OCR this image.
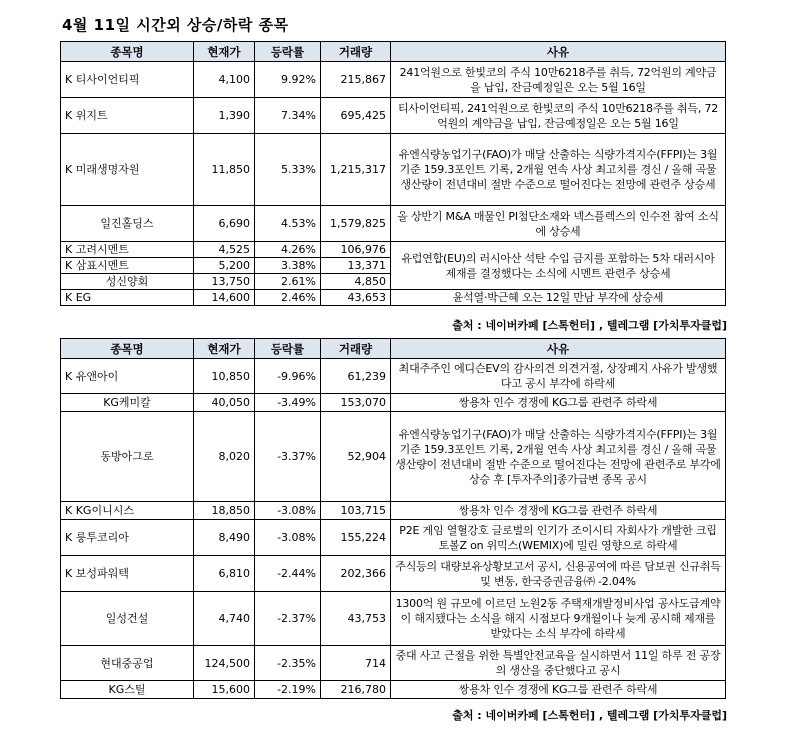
4월 11일 시간외 상승/하락 종목
종목명	현재가	등락률	거래량	사유
K 티사이언티픽	4,100	9.92%	215,867	241억원으로 한빛코의 주식 10만6218주를 취득, 72억원의 계약금을 납입, 잔금예정일은 오는 5월 16일
K 위지트	1,390	7.34%	695,425	티사이언티픽, 241억원으로 한빛코의 주식 10만6218주를 취득, 72억원의 계약금을 납입, 잔금예정일은 오는 5월 16일
K 미래생명자원	11,850	5.33%	1,215,317	유엔식량농업기구(FAO)가 매달 산출하는 식량가격지수(FFPI)는 3월 기준 159.3포인트 기록, 2개월 연속 사상 최고치를 경신 / 올해 곡물 생산량이 전년대비 절반 수준으로 떨어진다는 전망에 관련주 상승세
일진홀딩스	6,690	4.53%	1,579,825	올 상반기 M&A 매물인 PI첨단소재와 넥스플렉스의 인수전 참여 소식에 상승세
K 고려시멘트	4,525	4.26%	106,976	유럽연합(EU)의 러시아산 석탄 수입 금지를 포함하는 5차 대러시아 제재를 결정했다는 소식에 시멘트 관련주 상승세
K 삼표시멘트	5,200	3.38%	13,371	
성신양회	13,750	2.61%	4,850	
K EG	14,600	2.46%	43,653	윤석열·박근혜 오는 12일 만남 부각에 상승세
출처 : 네이버카페 [스톡헌터] , 텔레그램 [가치투자클럽]
종목명	현재가	등락률	거래량	사유
K 유앤아이	10,850	-9.96%	61,239	최대주주인 에디슨EV의 감사의견 의견거절, 상장폐지 사유가 발생했다고 공시 부각에 하락세
KG케미칼	40,050	-3.49%	153,070	쌍용차 인수 경쟁에 KG그룹 관련주 하락세
동방아그로	8,020	-3.37%	52,904	유엔식량농업기구(FAO)가 매달 산출하는 식량가격지수(FFPI)는 3월 기준 159.3포인트 기록, 2개월 연속 사상 최고치를 경신 / 올해 곡물 생산량이 전년대비 절반 수준으로 떨어진다는 전망에 관련주로 부각에 상승 후 [투자주의]종가급변 종목 공시
K KG이니시스	18,850	-3.08%	103,715	쌍용차 인수 경쟁에 KG그룹 관련주 하락세
K 룽투코리아	8,490	-3.08%	155,224	P2E 게임 열혈강호 글로벌의 인기가 조이시티 자회사가 개발한 크립토볼Z on 위믹스(WEMIX)에 밀린 영향으로 하락세
K 보성파워텍	6,810	-2.44%	202,366	주식등의 대량보유상황보고서 공시, 신용공여에 따른 담보권 신규취득 및 변동, 한국증권금융㈜ -2.04%
일성건설	4,740	-2.37%	43,753	1300억 원 규모에 이르던 노원2동 주택재개발정비사업 공사도급계약이 해지됐다는 소식을 해지 시점보다 9개월이나 늦게 공시해 제재를 받았다는 소식 부각에 하락세
현대중공업	124,500	-2.35%	714	중대 사고 근절을 위한 특별안전교육을 실시하면서 11일 하루 전 공장의 생산을 중단했다고 공시
KG스틸	15,600	-2.19%	216,780	쌍용차 인수 경쟁에 KG그룹 관련주 하락세
출처 : 네이버카페 [스톡헌터] , 텔레그램 [가치투자클럽]
